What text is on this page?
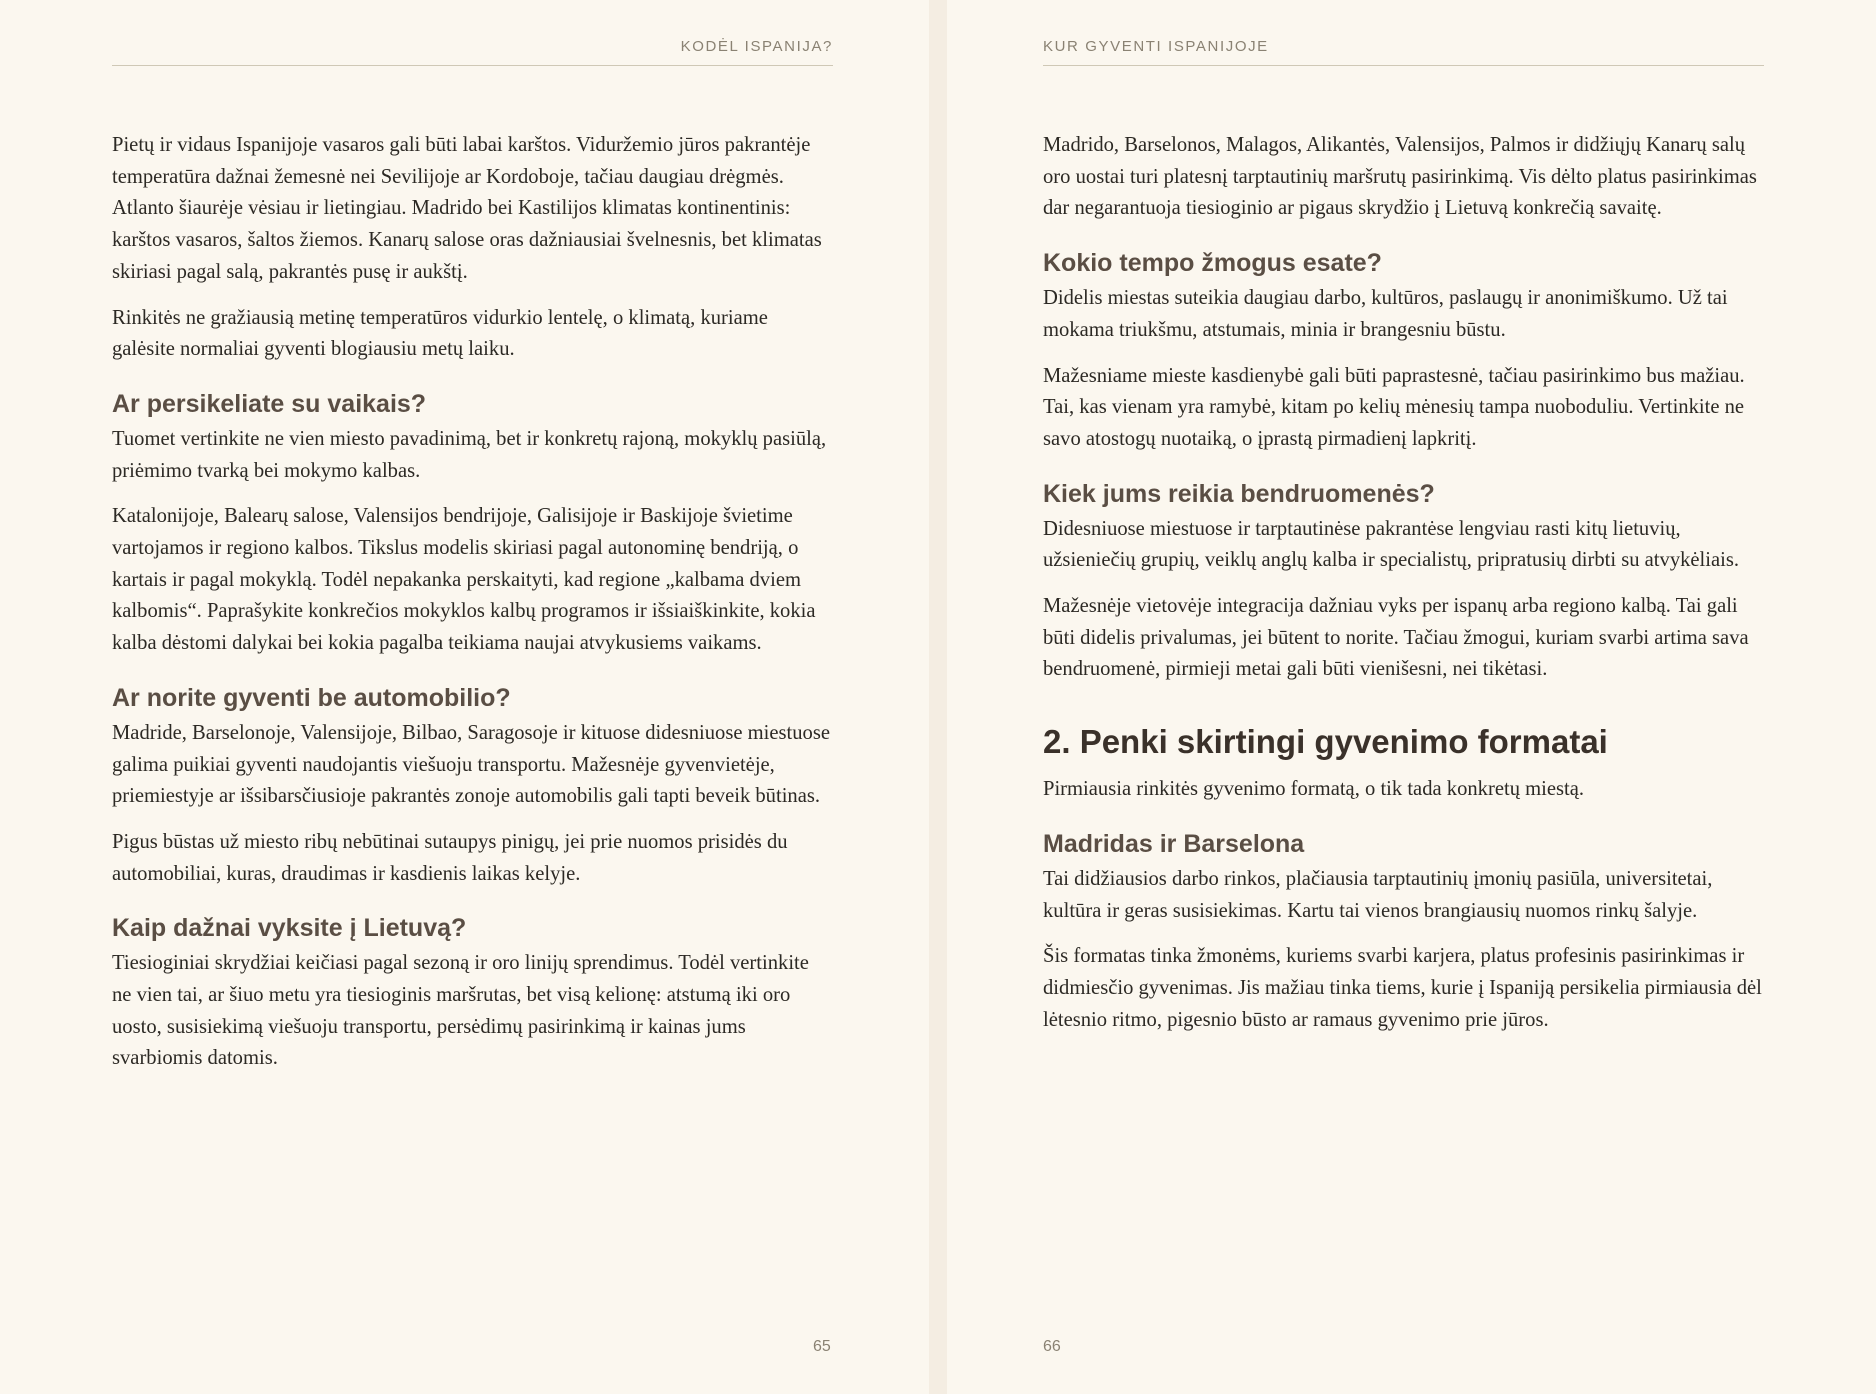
KODĖL ISPANIJA?

Pietų ir vidaus Ispanijoje vasaros gali būti labai karštos. Viduržemio jūros pakrantėje temperatūra dažnai žemesnė nei Sevilijoje ar Kordoboje, tačiau daugiau drėgmės. Atlanto šiaurėje vėsiau ir lietingiau. Madrido bei Kastilijos klimatas kontinentinis: karštos vasaros, šaltos žiemos. Kanarų salose oras dažniausiai švelnesnis, bet klimatas skiriasi pagal salą, pakrantės pusę ir aukštį.

Rinkitės ne gražiausią metinę temperatūros vidurkio lentelę, o klimatą, kuriame galėsite normaliai gyventi blogiausiu metų laiku.

Ar persikeliate su vaikais?

Tuomet vertinkite ne vien miesto pavadinimą, bet ir konkretų rajoną, mokyklų pasiūlą, priėmimo tvarką bei mokymo kalbas.

Katalonijoje, Balearų salose, Valensijos bendrijoje, Galisijoje ir Baskijoje švietime vartojamos ir regiono kalbos. Tikslus modelis skiriasi pagal autonominę bendriją, o kartais ir pagal mokyklą. Todėl nepakanka perskaityti, kad regione „kalbama dviem kalbomis“. Paprašykite konkrečios mokyklos kalbų programos ir išsiaiškinkite, kokia kalba dėstomi dalykai bei kokia pagalba teikiama naujai atvykusiems vaikams.

Ar norite gyventi be automobilio?

Madride, Barselonoje, Valensijoje, Bilbao, Saragosoje ir kituose didesniuose miestuose galima puikiai gyventi naudojantis viešuoju transportu. Mažesnėje gyvenvietėje, priemiestyje ar išsibarsčiusioje pakrantės zonoje automobilis gali tapti beveik būtinas.

Pigus būstas už miesto ribų nebūtinai sutaupys pinigų, jei prie nuomos prisidės du automobiliai, kuras, draudimas ir kasdienis laikas kelyje.

Kaip dažnai vyksite į Lietuvą?

Tiesioginiai skrydžiai keičiasi pagal sezoną ir oro linijų sprendimus. Todėl vertinkite ne vien tai, ar šiuo metu yra tiesioginis maršrutas, bet visą kelionę: atstumą iki oro uosto, susisiekimą viešuoju transportu, persėdimų pasirinkimą ir kainas jums svarbiomis datomis.

65
KUR GYVENTI ISPANIJOJE

Madrido, Barselonos, Malagos, Alikantės, Valensijos, Palmos ir didžiųjų Kanarų salų oro uostai turi platesnį tarptautinių maršrutų pasirinkimą. Vis dėlto platus pasirinkimas dar negarantuoja tiesioginio ar pigaus skrydžio į Lietuvą konkrečią savaitę.

Kokio tempo žmogus esate?

Didelis miestas suteikia daugiau darbo, kultūros, paslaugų ir anonimiškumo. Už tai mokama triukšmu, atstumais, minia ir brangesniu būstu.

Mažesniame mieste kasdienybė gali būti paprastesnė, tačiau pasirinkimo bus mažiau. Tai, kas vienam yra ramybė, kitam po kelių mėnesių tampa nuoboduliu. Vertinkite ne savo atostogų nuotaiką, o įprastą pirmadienį lapkritį.

Kiek jums reikia bendruomenės?

Didesniuose miestuose ir tarptautinėse pakrantėse lengviau rasti kitų lietuvių, užsieniečių grupių, veiklų anglų kalba ir specialistų, pripratusių dirbti su atvykėliais.

Mažesnėje vietovėje integracija dažniau vyks per ispanų arba regiono kalbą. Tai gali būti didelis privalumas, jei būtent to norite. Tačiau žmogui, kuriam svarbi artima sava bendruomenė, pirmieji metai gali būti vienišesni, nei tikėtasi.

2. Penki skirtingi gyvenimo formatai

Pirmiausia rinkitės gyvenimo formatą, o tik tada konkretų miestą.

Madridas ir Barselona

Tai didžiausios darbo rinkos, plačiausia tarptautinių įmonių pasiūla, universitetai, kultūra ir geras susisiekimas. Kartu tai vienos brangiausių nuomos rinkų šalyje.

Šis formatas tinka žmonėms, kuriems svarbi karjera, platus profesinis pasirinkimas ir didmiesčio gyvenimas. Jis mažiau tinka tiems, kurie į Ispaniją persikelia pirmiausia dėl lėtesnio ritmo, pigesnio būsto ar ramaus gyvenimo prie jūros.

66
